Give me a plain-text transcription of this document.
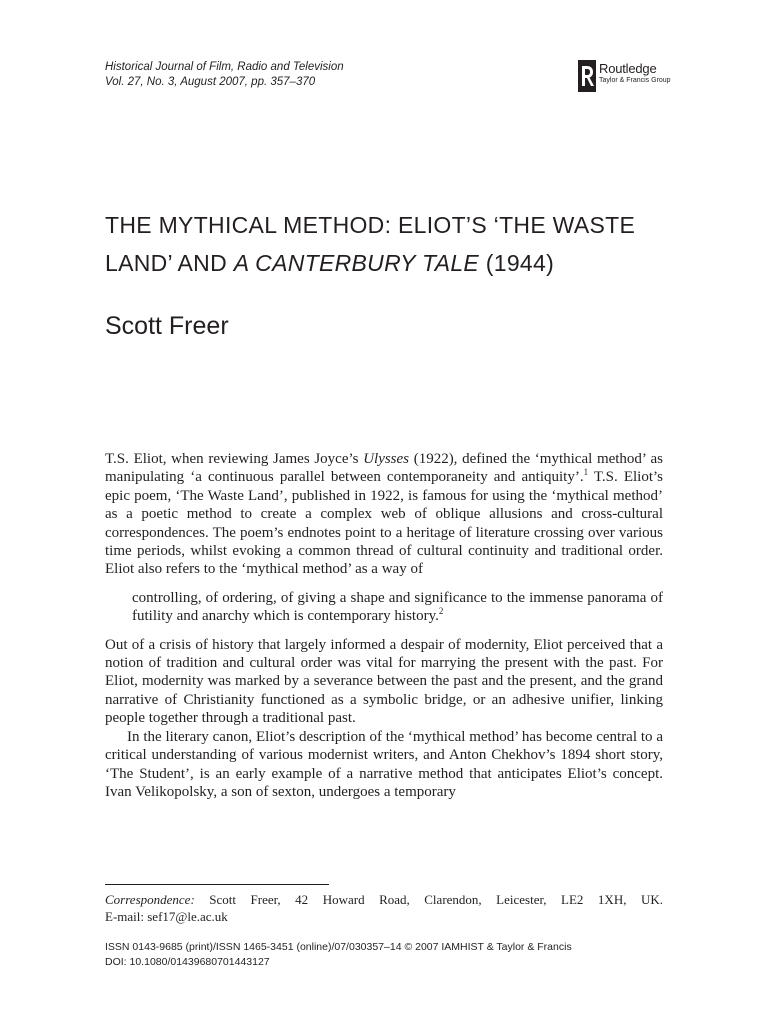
Historical Journal of Film, Radio and Television
Vol. 27, No. 3, August 2007, pp. 357–370
Routledge
Taylor & Francis Group
THE MYTHICAL METHOD: ELIOT’S ‘THE WASTE LAND’ AND A CANTERBURY TALE (1944)
Scott Freer

T.S. Eliot, when reviewing James Joyce’s Ulysses (1922), defined the ‘mythical method’ as manipulating ‘a continuous parallel between contemporaneity and antiquity’.$^1$ T.S. Eliot’s epic poem, ‘The Waste Land’, published in 1922, is famous for using the ‘mythical method’ as a poetic method to create a complex web of oblique allusions and cross-cultural correspondences. The poem’s endnotes point to a heritage of literature crossing over various time periods, whilst evoking a common thread of cultural continuity and traditional order. Eliot also refers to the ‘mythical method’ as a way of

controlling, of ordering, of giving a shape and significance to the immense panorama of futility and anarchy which is contemporary history.$^2$

Out of a crisis of history that largely informed a despair of modernity, Eliot perceived that a notion of tradition and cultural order was vital for marrying the present with the past. For Eliot, modernity was marked by a severance between the past and the present, and the grand narrative of Christianity functioned as a symbolic bridge, or an adhesive unifier, linking people together through a traditional past.

In the literary canon, Eliot’s description of the ‘mythical method’ has become central to a critical understanding of various modernist writers, and Anton Chekhov’s 1894 short story, ‘The Student’, is an early example of a narrative method that anticipates Eliot’s concept. Ivan Velikopolsky, a son of sexton, undergoes a temporary

Correspondence: Scott Freer, 42 Howard Road, Clarendon, Leicester, LE2 1XH, UK.
E-mail: sef17@le.ac.uk
ISSN 0143-9685 (print)/ISSN 1465-3451 (online)/07/030357–14 © 2007 IAMHIST & Taylor & Francis
DOI: 10.1080/01439680701443127
